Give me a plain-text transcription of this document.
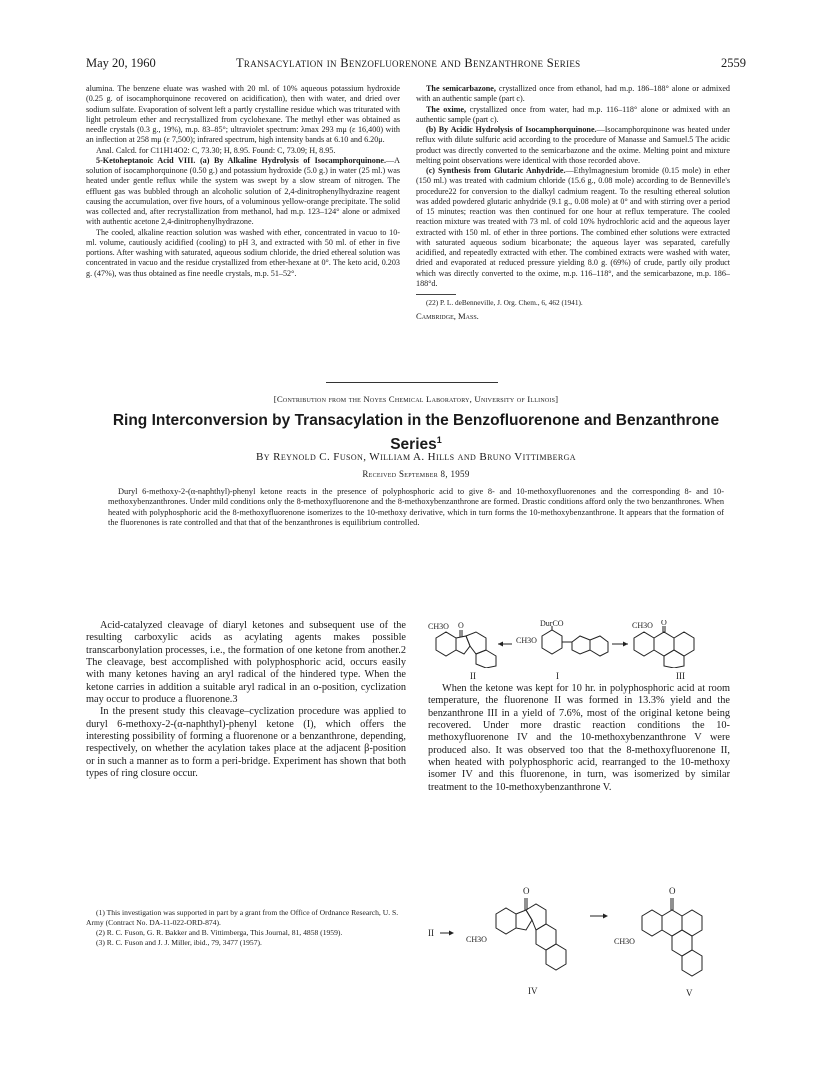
May 20, 1960	Transacylation in Benzofluorenone and Benzanthrone Series	2559

alumina. The benzene eluate was washed with 20 ml. of 10% aqueous potassium hydroxide (0.25 g. of isocamphorquinone recovered on acidification), then with water, and dried over sodium sulfate. Evaporation of solvent left a partly crystalline residue which was triturated with light petroleum ether and recrystallized from cyclohexane. The methyl ether was obtained as needle crystals (0.3 g., 19%), m.p. 83–85°; ultraviolet spectrum: λmax 293 mμ (ε 16,400) with an inflection at 258 mμ (ε 7,500); infrared spectrum, high intensity bands at 6.10 and 6.20μ.

Anal. Calcd. for C11H14O2: C, 73.30; H, 8.95. Found: C, 73.09; H, 8.95.

5-Ketoheptanoic Acid VIII. (a) By Alkaline Hydrolysis of Isocamphorquinone.—A solution of isocamphorquinone (0.50 g.) and potassium hydroxide (5.0 g.) in water (25 ml.) was heated under gentle reflux while the system was swept by a slow stream of nitrogen. The effluent gas was bubbled through an alcoholic solution of 2,4-dinitrophenylhydrazine reagent causing the accumulation, over five hours, of a voluminous yellow-orange precipitate. The solid was collected and, after recrystallization from methanol, had m.p. 123–124° alone or admixed with authentic acetone 2,4-dinitrophenylhydrazone.

The cooled, alkaline reaction solution was washed with ether, concentrated in vacuo to 10-ml. volume, cautiously acidified (cooling) to pH 3, and extracted with 50 ml. of ether in five portions. After washing with saturated, aqueous sodium chloride, the dried ethereal solution was concentrated in vacuo and the residue crystallized from ether-hexane at 0°. The keto acid, 0.203 g. (47%), was thus obtained as fine needle crystals, m.p. 51–52°.

The semicarbazone, crystallized once from ethanol, had m.p. 186–188° alone or admixed with an authentic sample (part c).

The oxime, crystallized once from water, had m.p. 116–118° alone or admixed with an authentic sample (part c).

(b) By Acidic Hydrolysis of Isocamphorquinone.—Isocamphorquinone was heated under reflux with dilute sulfuric acid according to the procedure of Manasse and Samuel.5 The acidic product was directly converted to the semicarbazone and the oxime. Melting point and mixture melting point observations were identical with those recorded above.

(c) Synthesis from Glutaric Anhydride.—Ethylmagnesium bromide (0.15 mole) in ether (150 ml.) was treated with cadmium chloride (15.6 g., 0.08 mole) according to de Benneville's procedure22 for conversion to the dialkyl cadmium reagent. To the resulting ethereal solution was added powdered glutaric anhydride (9.1 g., 0.08 mole) at 0° and with stirring over a period of 15 minutes; reaction was then continued for one hour at reflux temperature. The cooled reaction mixture was treated with 73 ml. of cold 10% hydrochloric acid and the aqueous layer extracted with 150 ml. of ether in three portions. The combined ether solutions were extracted with saturated aqueous sodium bicarbonate; the aqueous layer was separated, carefully acidified, and repeatedly extracted with ether. The combined extracts were washed with water, dried and evaporated at reduced pressure yielding 8.0 g. (69%) of crude, partly oily product which was directly converted to the oxime, m.p. 116–118°, and the semicarbazone, m.p. 186–188°d.

(22) P. L. deBenneville, J. Org. Chem., 6, 462 (1941).

Cambridge, Mass.

[Contribution from the Noyes Chemical Laboratory, University of Illinois]
Ring Interconversion by Transacylation in the Benzofluorenone and Benzanthrone Series$^1$
By Reynold C. Fuson, William A. Hills and Bruno Vittimberga
Received September 8, 1959
Duryl 6-methoxy-2-(α-naphthyl)-phenyl ketone reacts in the presence of polyphosphoric acid to give 8- and 10-methoxyfluorenones and the corresponding 8- and 10-methoxybenzanthrones. Under mild conditions only the 8-methoxyfluorenone and the 8-methoxybenzanthrone are formed. Drastic conditions afford only the two benzanthrones. When heated with polyphosphoric acid the 8-methoxyfluorenone isomerizes to the 10-methoxy derivative, which in turn forms the 10-methoxybenzanthrone. It appears that the formation of the fluorenones is rate controlled and that that of the benzanthrones is equilibrium controlled.

Acid-catalyzed cleavage of diaryl ketones and subsequent use of the resulting carboxylic acids as acylating agents makes possible transcarbonylation processes, i.e., the formation of one ketone from another.2 The cleavage, best accomplished with polyphosphoric acid, occurs easily with many ketones having an aryl radical of the hindered type. When the ketone carries in addition a suitable aryl radical in an o-position, cyclization may occur to produce a fluorenone.3

In the present study this cleavage–cyclization procedure was applied to duryl 6-methoxy-2-(α-naphthyl)-phenyl ketone (I), which offers the interesting possibility of forming a fluorenone or a benzanthrone, depending, respectively, on whether the acylation takes place at the adjacent β-position or in such a manner as to form a peri-bridge. Experiment has shown that both types of ring closure occur.

(1) This investigation was supported in part by a grant from the Office of Ordnance Research, U. S. Army (Contract No. DA-11-022-ORD-874).

(2) R. C. Fuson, G. R. Bakker and B. Vittimberga, This Journal, 81, 4858 (1959).

(3) R. C. Fuson and J. J. Miller, ibid., 79, 3477 (1957).

CH3O O	DurCO
CH3O
CH3O O
II	I	III

When the ketone was kept for 10 hr. in polyphosphoric acid at room temperature, the fluorenone II was formed in 13.3% yield and the benzanthrone III in a yield of 7.6%, most of the original ketone being recovered. Under more drastic reaction conditions the 10-methoxyfluorenone IV and the 10-methoxybenzanthrone V were produced also. It was observed too that the 8-methoxyfluorenone II, when heated with polyphosphoric acid, rearranged to the 10-methoxy isomer IV and this fluorenone, in turn, was isomerized by similar treatment to the 10-methoxybenzanthrone V.

II
O
CH3O
IV
O
CH3O
V
